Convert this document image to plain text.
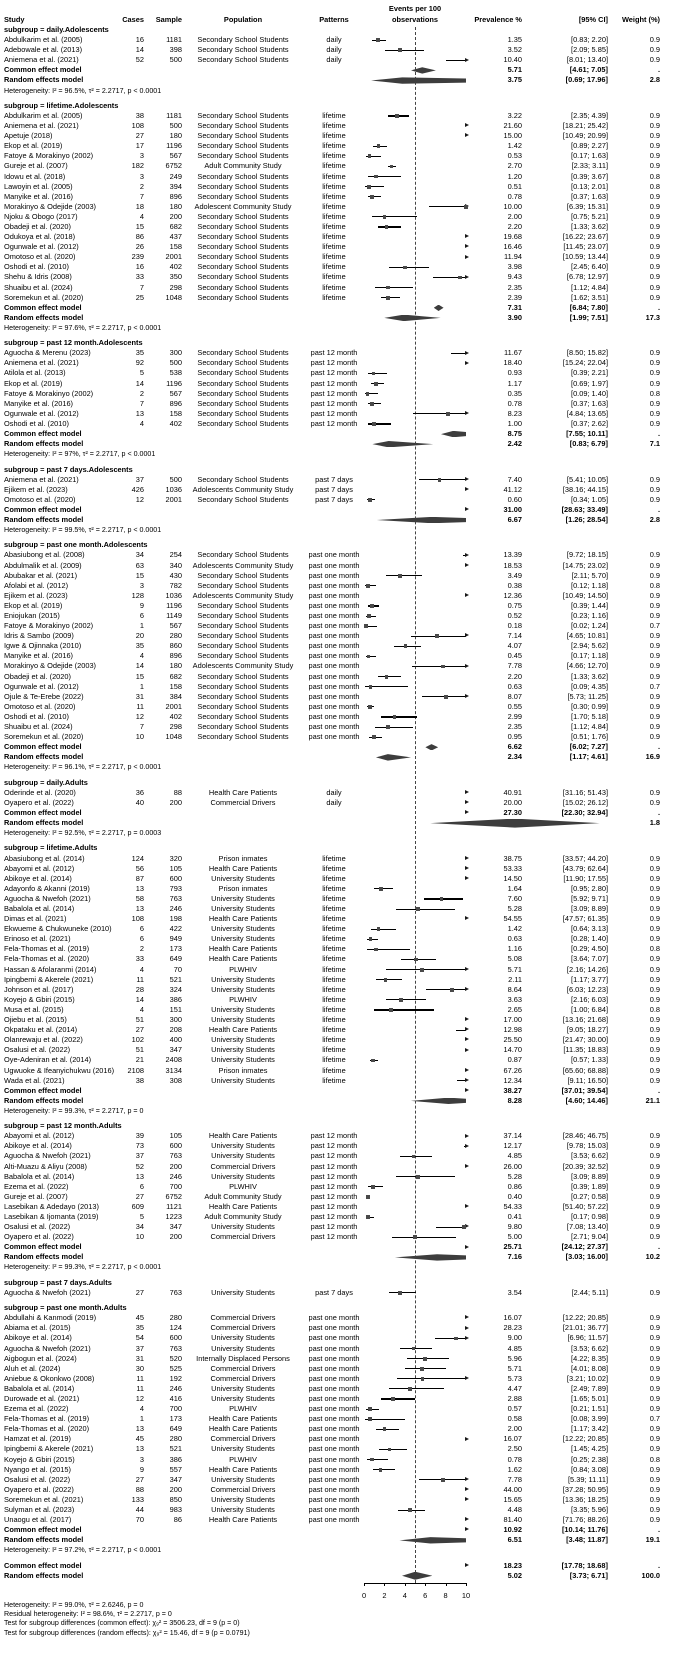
Events per 100
Study	Cases	Sample	Population	Patterns	observations	Prevalence %	[95% CI]	Weight (%)
subgroup = daily.Adolescents
Abdulkarim et al. (2005)	16	1181	Secondary School Students	daily	1.35	[0.83; 2.20]	0.9
Adebowale et al. (2013)	14	398	Secondary School Students	daily	3.52	[2.09; 5.85]	0.9
Aniemena et al. (2021)	52	500	Secondary School Students	daily	10.40	[8.01; 13.40]	0.9
Common effect model	5.71	[4.61; 7.05]	.
Random effects model	3.75	[0.69; 17.96]	2.8
Heterogeneity: I² = 96.5%, τ² = 2.2717, p < 0.0001
subgroup = lifetime.Adolescents
Abdulkarim et al. (2005)	38	1181	Secondary School Students	lifetime	3.22	[2.35; 4.39]	0.9
Aniemena et al. (2021)	108	500	Secondary School Students	lifetime	21.60	[18.21; 25.42]	0.9
Apetuje (2018)	27	180	Secondary School Students	lifetime	15.00	[10.49; 20.99]	0.9
Ekop et al. (2019)	17	1196	Secondary School Students	lifetime	1.42	[0.89; 2.27]	0.9
Fatoye & Morakinyo (2002)	3	567	Secondary School Students	lifetime	0.53	[0.17; 1.63]	0.9
Gureje et al. (2007)	182	6752	Adult Community Study	lifetime	2.70	[2.33; 3.11]	0.9
Idowu et al. (2018)	3	249	Secondary School Students	lifetime	1.20	[0.39; 3.67]	0.8
Lawoyin et al. (2005)	2	394	Secondary School Students	lifetime	0.51	[0.13; 2.01]	0.8
Manyike et al. (2016)	7	896	Secondary School Students	lifetime	0.78	[0.37; 1.63]	0.9
Morakinyo & Odejide (2003)	18	180	Adolescent Community Study	lifetime	10.00	[6.39; 15.31]	0.9
Njoku & Obogo (2017)	4	200	Secondary School Students	lifetime	2.00	[0.75; 5.21]	0.9
Obadeji et al. (2020)	15	682	Secondary School Students	lifetime	2.20	[1.33; 3.62]	0.9
Odukoya et al. (2018)	86	437	Secondary School Students	lifetime	19.68	[16.22; 23.67]	0.9
Ogunwale et al. (2012)	26	158	Secondary School Students	lifetime	16.46	[11.45; 23.07]	0.9
Omotoso et al. (2020)	239	2001	Secondary School Students	lifetime	11.94	[10.59; 13.44]	0.9
Oshodi et al. (2010)	16	402	Secondary School Students	lifetime	3.98	[2.45; 6.40]	0.9
Shehu & Idris (2008)	33	350	Secondary School Students	lifetime	9.43	[6.78; 12.97]	0.9
Shuaibu et al. (2024)	7	298	Secondary School Students	lifetime	2.35	[1.12; 4.84]	0.9
Soremekun et al. (2020)	25	1048	Secondary School Students	lifetime	2.39	[1.62; 3.51]	0.9
Common effect model	7.31	[6.84; 7.80]	.
Random effects model	3.90	[1.99; 7.51]	17.3
Heterogeneity: I² = 97.6%, τ² = 2.2717, p < 0.0001
subgroup = past 12 month.Adolescents
Aguocha & Merenu (2023)	35	300	Secondary School Students	past 12 month	11.67	[8.50; 15.82]	0.9
Aniemena et al. (2021)	92	500	Secondary School Students	past 12 month	18.40	[15.24; 22.04]	0.9
Atilola et al. (2013)	5	538	Secondary School Students	past 12 month	0.93	[0.39; 2.21]	0.9
Ekop et al. (2019)	14	1196	Secondary School Students	past 12 month	1.17	[0.69; 1.97]	0.9
Fatoye & Morakinyo (2002)	2	567	Secondary School Students	past 12 month	0.35	[0.09; 1.40]	0.8
Manyike et al. (2016)	7	896	Secondary School Students	past 12 month	0.78	[0.37; 1.63]	0.9
Ogunwale et al. (2012)	13	158	Secondary School Students	past 12 month	8.23	[4.84; 13.65]	0.9
Oshodi et al. (2010)	4	402	Secondary School Students	past 12 month	1.00	[0.37; 2.62]	0.9
Common effect model	8.75	[7.55; 10.11]	.
Random effects model	2.42	[0.83; 6.79]	7.1
Heterogeneity: I² = 97%, τ² = 2.2717, p < 0.0001
subgroup = past 7 days.Adolescents
Aniemena et al. (2021)	37	500	Secondary School Students	past 7 days	7.40	[5.41; 10.05]	0.9
Ejikem et al. (2023)	426	1036	Adolescents Community Study	past 7 days	41.12	[38.16; 44.15]	0.9
Omotoso et al. (2020)	12	2001	Secondary School Students	past 7 days	0.60	[0.34; 1.05]	0.9
Common effect model	31.00	[28.63; 33.49]	.
Random effects model	6.67	[1.26; 28.54]	2.8
Heterogeneity: I² = 99.5%, τ² = 2.2717, p < 0.0001
subgroup = past one month.Adolescents
Abasiubong et al. (2008)	34	254	Secondary School Students	past one month	13.39	[9.72; 18.15]	0.9
Abdulmalik et al. (2009)	63	340	Adolescents Community Study	past one month	18.53	[14.75; 23.02]	0.9
Abubakar et al. (2021)	15	430	Secondary School Students	past one month	3.49	[2.11; 5.70]	0.9
Afolabi et al. (2012)	3	782	Secondary School Students	past one month	0.38	[0.12; 1.18]	0.8
Ejikem et al. (2023)	128	1036	Adolescents Community Study	past one month	12.36	[10.49; 14.50]	0.9
Ekop et al. (2019)	9	1196	Secondary School Students	past one month	0.75	[0.39; 1.44]	0.9
Eniojukan (2015)	6	1149	Secondary School Students	past one month	0.52	[0.23; 1.16]	0.9
Fatoye & Morakinyo (2002)	1	567	Secondary School Students	past one month	0.18	[0.02; 1.24]	0.7
Idris & Sambo (2009)	20	280	Secondary School Students	past one month	7.14	[4.65; 10.81]	0.9
Igwe & Ojinnaka (2010)	35	860	Secondary School Students	past one month	4.07	[2.94; 5.62]	0.9
Manyike et al. (2016)	4	896	Secondary School Students	past one month	0.45	[0.17; 1.18]	0.9
Morakinyo & Odejide (2003)	14	180	Adolescents Community Study	past one month	7.78	[4.66; 12.70]	0.9
Obadeji et al. (2020)	15	682	Secondary School Students	past one month	2.20	[1.33; 3.62]	0.9
Ogunwale et al. (2012)	1	158	Secondary School Students	past one month	0.63	[0.09; 4.35]	0.7
Ojule & Te-Erebe (2022)	31	384	Secondary School Students	past one month	8.07	[5.73; 11.25]	0.9
Omotoso et al. (2020)	11	2001	Secondary School Students	past one month	0.55	[0.30; 0.99]	0.9
Oshodi et al. (2010)	12	402	Secondary School Students	past one month	2.99	[1.70; 5.18]	0.9
Shuaibu et al. (2024)	7	298	Secondary School Students	past one month	2.35	[1.12; 4.84]	0.9
Soremekun et al. (2020)	10	1048	Secondary School Students	past one month	0.95	[0.51; 1.76]	0.9
Common effect model	6.62	[6.02; 7.27]	.
Random effects model	2.34	[1.17; 4.61]	16.9
Heterogeneity: I² = 96.1%, τ² = 2.2717, p < 0.0001
subgroup = daily.Adults
Oderinde et al. (2020)	36	88	Health Care Patients	daily	40.91	[31.16; 51.43]	0.9
Oyapero et al. (2022)	40	200	Commercial Drivers	daily	20.00	[15.02; 26.12]	0.9
Common effect model	27.30	[22.30; 32.94]	.
Random effects model	1.8
Heterogeneity: I² = 92.5%, τ² = 2.2717, p = 0.0003
subgroup = lifetime.Adults
Abasiubong et al. (2014)	124	320	Prison inmates	lifetime	38.75	[33.57; 44.20]	0.9
Abayomi et al. (2012)	56	105	Health Care Patients	lifetime	53.33	[43.79; 62.64]	0.9
Abikoye et al. (2014)	87	600	University Students	lifetime	14.50	[11.90; 17.55]	0.9
Adayonfo & Akanni (2019)	13	793	Prison inmates	lifetime	1.64	[0.95; 2.80]	0.9
Aguocha & Nwefoh (2021)	58	763	University Students	lifetime	7.60	[5.92; 9.71]	0.9
Babalola et al. (2014)	13	246	University Students	lifetime	5.28	[3.09; 8.89]	0.9
Dimas et al. (2021)	108	198	Health Care Patients	lifetime	54.55	[47.57; 61.35]	0.9
Ekwueme & Chukwuneke (2010)	6	422	University Students	lifetime	1.42	[0.64; 3.13]	0.9
Erinoso et al. (2021)	6	949	University Students	lifetime	0.63	[0.28; 1.40]	0.9
Fela-Thomas et al. (2019)	2	173	Health Care Patients	lifetime	1.16	[0.29; 4.50]	0.8
Fela-Thomas et al. (2020)	33	649	Health Care Patients	lifetime	5.08	[3.64; 7.07]	0.9
Hassan & Afolaranmi (2014)	4	70	PLWHIV	lifetime	5.71	[2.16; 14.26]	0.9
Ipingbemi & Akerele (2021)	11	521	University Students	lifetime	2.11	[1.17; 3.77]	0.9
Johnson et al. (2017)	28	324	University Students	lifetime	8.64	[6.03; 12.23]	0.9
Koyejo & Gbiri (2015)	14	386	PLWHIV	lifetime	3.63	[2.16; 6.03]	0.9
Musa et al. (2015)	4	151	University Students	lifetime	2.65	[1.00; 6.84]	0.8
Ojiebu et al. (2015)	51	300	University Students	lifetime	17.00	[13.16; 21.68]	0.9
Okpataku et al. (2014)	27	208	Health Care Patients	lifetime	12.98	[9.05; 18.27]	0.9
Olanrewaju et al. (2022)	102	400	University Students	lifetime	25.50	[21.47; 30.00]	0.9
Osalusi et al. (2022)	51	347	University Students	lifetime	14.70	[11.35; 18.83]	0.9
Oye-Adeniran et al. (2014)	21	2408	University Students	lifetime	0.87	[0.57; 1.33]	0.9
Ugwuoke & Ifeanyichukwu (2016)	2108	3134	Prison inmates	lifetime	67.26	[65.60; 68.88]	0.9
Wada et al. (2021)	38	308	University Students	lifetime	12.34	[9.11; 16.50]	0.9
Common effect model	38.27	[37.01; 39.54]	.
Random effects model	8.28	[4.60; 14.46]	21.1
Heterogeneity: I² = 99.3%, τ² = 2.2717, p = 0
subgroup = past 12 month.Adults
Abayomi et al. (2012)	39	105	Health Care Patients	past 12 month	37.14	[28.46; 46.75]	0.9
Abikoye et al. (2014)	73	600	University Students	past 12 month	12.17	[9.78; 15.03]	0.9
Aguocha & Nwefoh (2021)	37	763	University Students	past 12 month	4.85	[3.53; 6.62]	0.9
Alti-Muazu & Aliyu (2008)	52	200	Commercial Drivers	past 12 month	26.00	[20.39; 32.52]	0.9
Babalola et al. (2014)	13	246	University Students	past 12 month	5.28	[3.09; 8.89]	0.9
Ezema et al. (2022)	6	700	PLWHIV	past 12 month	0.86	[0.39; 1.89]	0.9
Gureje et al. (2007)	27	6752	Adult Community Study	past 12 month	0.40	[0.27; 0.58]	0.9
Lasebikan & Adedayo (2013)	609	1121	Health Care Patients	past 12 month	54.33	[51.40; 57.22]	0.9
Lasebikan & Ijomanta (2019)	5	1223	Adult Community Study	past 12 month	0.41	[0.17; 0.98]	0.9
Osalusi et al. (2022)	34	347	University Students	past 12 month	9.80	[7.08; 13.40]	0.9
Oyapero et al. (2022)	10	200	Commercial Drivers	past 12 month	5.00	[2.71; 9.04]	0.9
Common effect model	25.71	[24.12; 27.37]	.
Random effects model	7.16	[3.03; 16.00]	10.2
Heterogeneity: I² = 99.3%, τ² = 2.2717, p < 0.0001
subgroup = past 7 days.Adults
Aguocha & Nwefoh (2021)	27	763	University Students	past 7 days	3.54	[2.44; 5.11]	0.9
subgroup = past one month.Adults
Abdullahi & Kanmodi (2019)	45	280	Commercial Drivers	past one month	16.07	[12.22; 20.85]	0.9
Abiama et al. (2015)	35	124	Commercial Drivers	past one month	28.23	[21.01; 36.77]	0.9
Abikoye et al. (2014)	54	600	University Students	past one month	9.00	[6.96; 11.57]	0.9
Aguocha & Nwefoh (2021)	37	763	University Students	past one month	4.85	[3.53; 6.62]	0.9
Aigbogun et al. (2024)	31	520	Internally Displaced Persons	past one month	5.96	[4.22; 8.35]	0.9
Aluh et al. (2024)	30	525	Commercial Drivers	past one month	5.71	[4.01; 8.08]	0.9
Aniebue & Okonkwo (2008)	11	192	Commercial Drivers	past one month	5.73	[3.21; 10.02]	0.9
Babalola et al. (2014)	11	246	University Students	past one month	4.47	[2.49; 7.89]	0.9
Durowade et al. (2021)	12	416	University Students	past one month	2.88	[1.65; 5.01]	0.9
Ezema et al. (2022)	4	700	PLWHIV	past one month	0.57	[0.21; 1.51]	0.9
Fela-Thomas et al. (2019)	1	173	Health Care Patients	past one month	0.58	[0.08; 3.99]	0.7
Fela-Thomas et al. (2020)	13	649	Health Care Patients	past one month	2.00	[1.17; 3.42]	0.9
Hamzat et al. (2019)	45	280	Commercial Drivers	past one month	16.07	[12.22; 20.85]	0.9
Ipingbemi & Akerele (2021)	13	521	University Students	past one month	2.50	[1.45; 4.25]	0.9
Koyejo & Gbiri (2015)	3	386	PLWHIV	past one month	0.78	[0.25; 2.38]	0.8
Nyango et al. (2015)	9	557	Health Care Patients	past one month	1.62	[0.84; 3.08]	0.9
Osalusi et al. (2022)	27	347	University Students	past one month	7.78	[5.39; 11.11]	0.9
Oyapero et al. (2022)	88	200	Commercial Drivers	past one month	44.00	[37.28; 50.95]	0.9
Soremekun et al. (2021)	133	850	University Students	past one month	15.65	[13.36; 18.25]	0.9
Sulyman et al. (2023)	44	983	University Students	past one month	4.48	[3.35; 5.96]	0.9
Unaogu et al. (2017)	70	86	Health Care Patients	past one month	81.40	[71.76; 88.26]	0.9
Common effect model	10.92	[10.14; 11.76]	.
Random effects model	6.51	[3.48; 11.87]	19.1
Heterogeneity: I² = 97.2%, τ² = 2.2717, p < 0.0001
Common effect model	18.23	[17.78; 18.68]	.
Random effects model	5.02	[3.73; 6.71]	100.0
0 2 4 6 8 10
Heterogeneity: I² = 99.0%, τ² = 2.6246, p = 0
Residual heterogeneity: I² = 98.6%, τ² = 2.2717, p = 0
Test for subgroup differences (common effect): χ₉² = 3506.23, df = 9 (p = 0)
Test for subgroup differences (random effects): χ₉² = 15.46, df = 9 (p = 0.0791)
